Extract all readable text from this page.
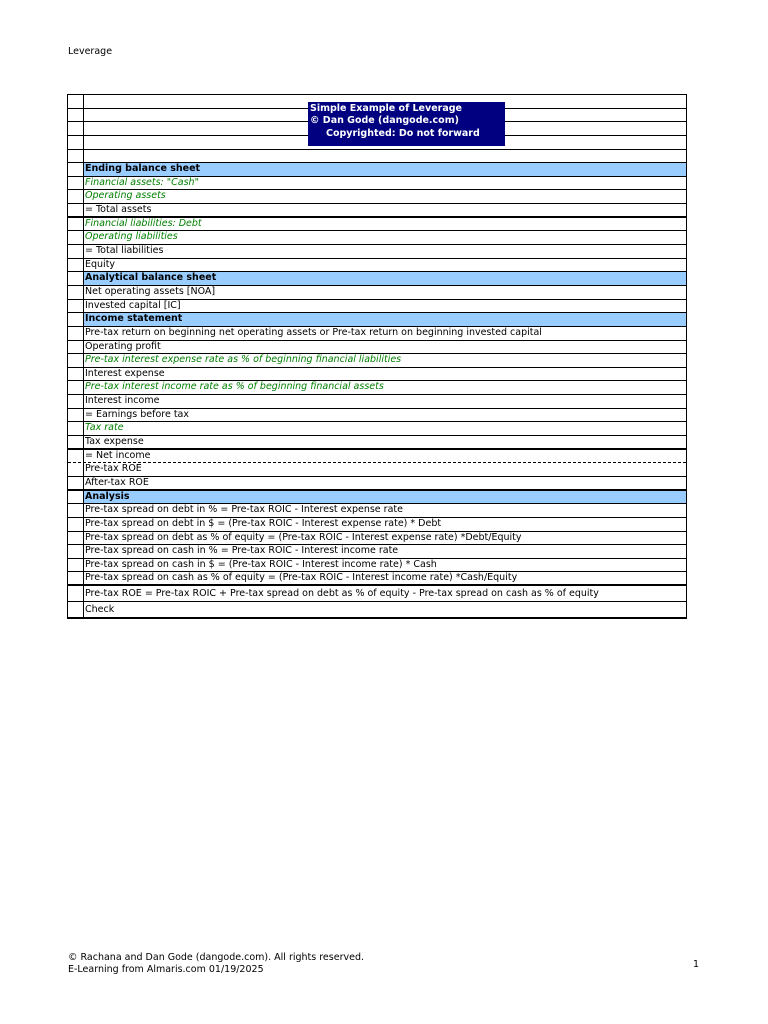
Leverage
Ending balance sheet
Financial assets: "Cash"
Operating assets
= Total assets
Financial liabilities: Debt
Operating liabilities
= Total liabilities
Equity
Analytical balance sheet
Net operating assets [NOA]
Invested capital [IC]
Income statement
Pre-tax return on beginning net operating assets or Pre-tax return on beginning invested capital
Operating profit
Pre-tax interest expense rate as % of beginning financial liabilities
Interest expense
Pre-tax interest income rate as % of beginning financial assets
Interest income
= Earnings before tax
Tax rate
Tax expense
= Net income
Pre-tax ROE
After-tax ROE
Analysis
Pre-tax spread on debt in % = Pre-tax ROIC - Interest expense rate
Pre-tax spread on debt in $ = (Pre-tax ROIC - Interest expense rate) * Debt
Pre-tax spread on debt as % of equity = (Pre-tax ROIC - Interest expense rate) *Debt/Equity
Pre-tax spread on cash in % = Pre-tax ROIC - Interest income rate
Pre-tax spread on cash in $ = (Pre-tax ROIC - Interest income rate) * Cash
Pre-tax spread on cash as % of equity = (Pre-tax ROIC - Interest income rate) *Cash/Equity
Pre-tax ROE = Pre-tax ROIC + Pre-tax spread on debt as % of equity - Pre-tax spread on cash as % of equity
Check
Simple Example of Leverage
© Dan Gode (dangode.com)
Copyrighted: Do not forward
© Rachana and Dan Gode (dangode.com). All rights reserved.
E-Learning from Almaris.com 01/19/2025	1
